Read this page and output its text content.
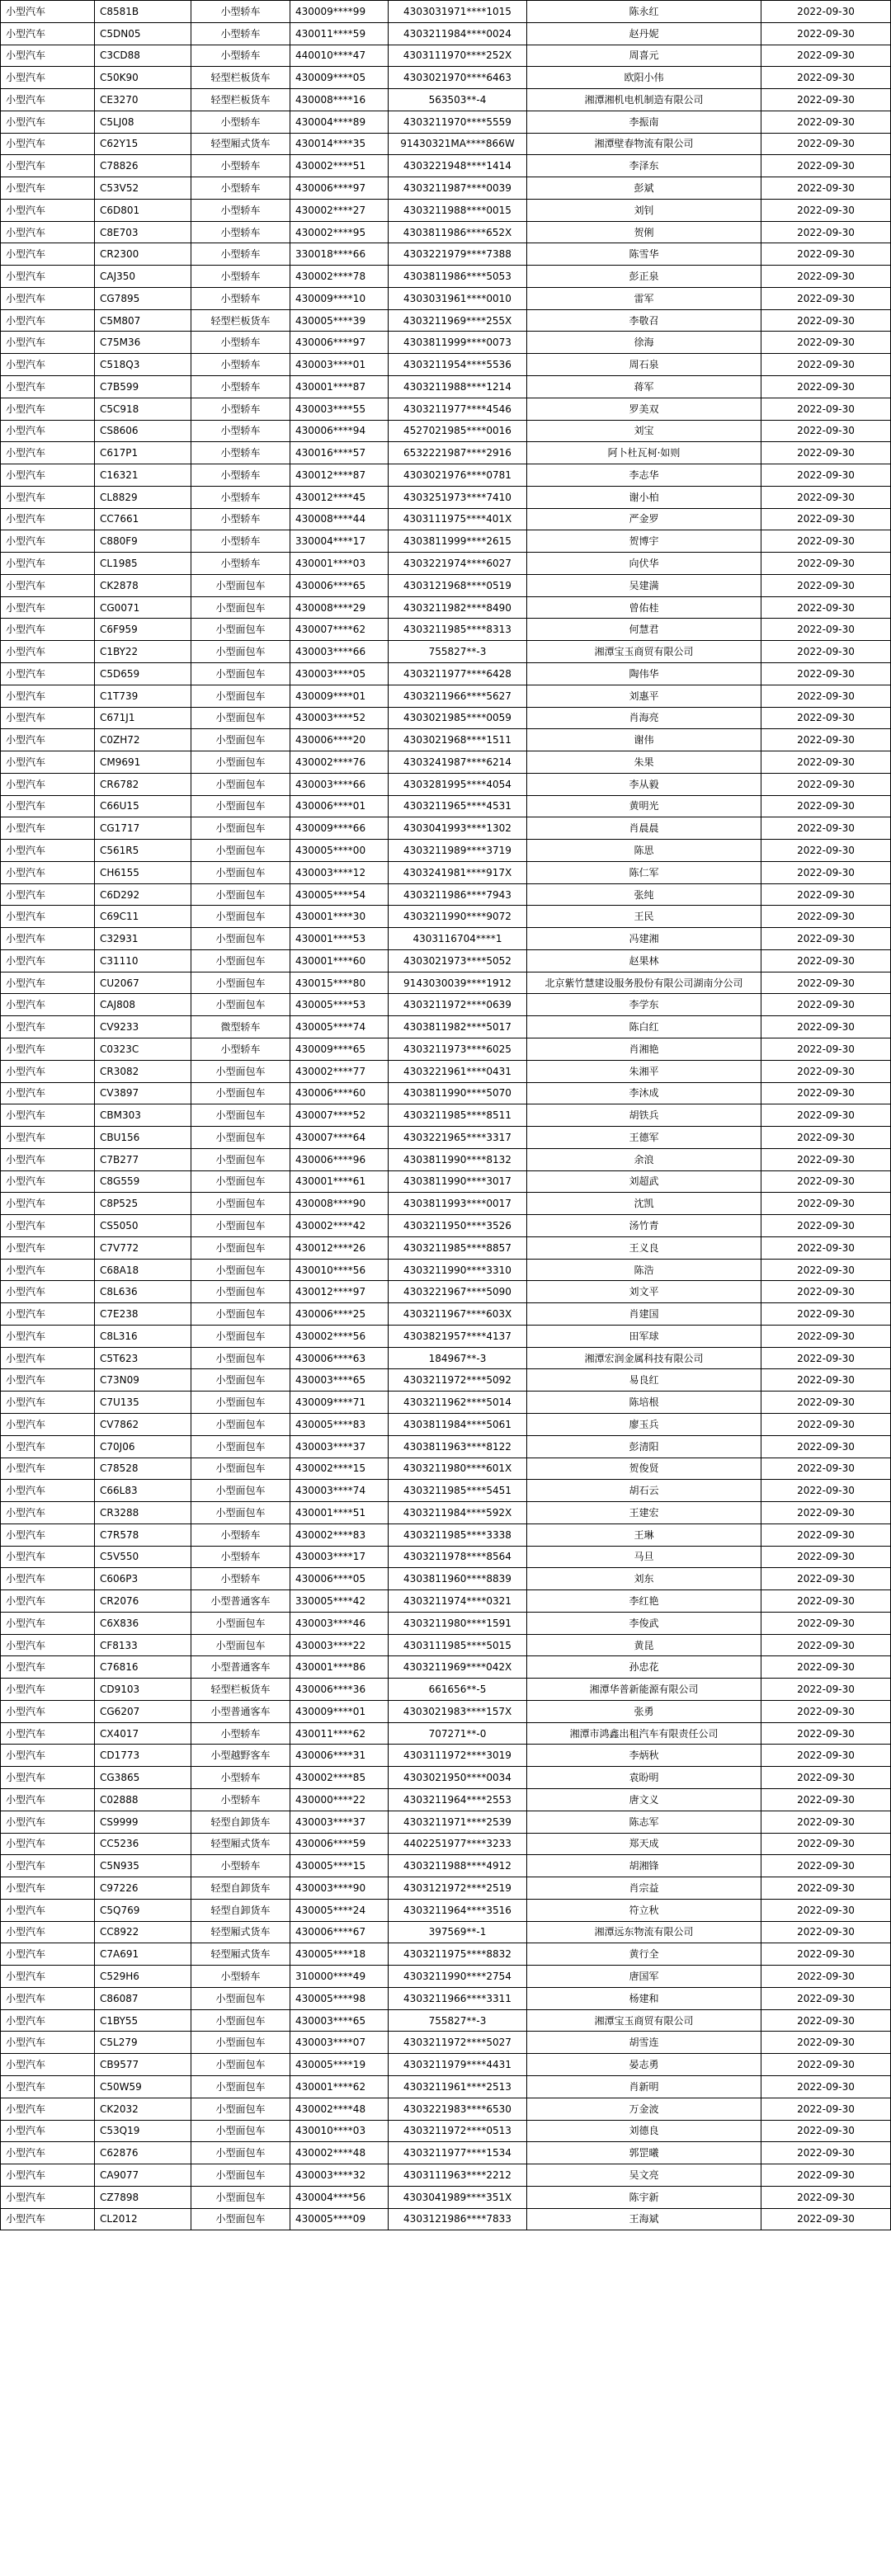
小型汽车	C8581B	小型轿车	430009****99	4303031971****1015	陈永红	2022-09-30
小型汽车	C5DN05	小型轿车	430011****59	4303211984****0024	赵丹妮	2022-09-30
小型汽车	C3CD88	小型轿车	440010****47	4303111970****252X	周喜元	2022-09-30
小型汽车	C50K90	轻型栏板货车	430009****05	4303021970****6463	欧阳小伟	2022-09-30
小型汽车	CE3270	轻型栏板货车	430008****16	563503**-4	湘潭湘机电机制造有限公司	2022-09-30
小型汽车	C5LJ08	小型轿车	430004****89	4303211970****5559	李振南	2022-09-30
小型汽车	C62Y15	轻型厢式货车	430014****35	91430321MA****866W	湘潭壁春物流有限公司	2022-09-30
小型汽车	C78826	小型轿车	430002****51	4303221948****1414	李泽东	2022-09-30
小型汽车	C53V52	小型轿车	430006****97	4303211987****0039	彭斌	2022-09-30
小型汽车	C6D801	小型轿车	430002****27	4303211988****0015	刘钊	2022-09-30
小型汽车	C8E703	小型轿车	430002****95	4303811986****652X	贺俐	2022-09-30
小型汽车	CR2300	小型轿车	330018****66	4303221979****7388	陈雪华	2022-09-30
小型汽车	CAJ350	小型轿车	430002****78	4303811986****5053	彭正泉	2022-09-30
小型汽车	CG7895	小型轿车	430009****10	4303031961****0010	雷军	2022-09-30
小型汽车	C5M807	轻型栏板货车	430005****39	4303211969****255X	李敬召	2022-09-30
小型汽车	C75M36	小型轿车	430006****97	4303811999****0073	徐海	2022-09-30
小型汽车	C518Q3	小型轿车	430003****01	4303211954****5536	周石泉	2022-09-30
小型汽车	C7B599	小型轿车	430001****87	4303211988****1214	蒋军	2022-09-30
小型汽车	C5C918	小型轿车	430003****55	4303211977****4546	罗美双	2022-09-30
小型汽车	CS8606	小型轿车	430006****94	4527021985****0016	刘宝	2022-09-30
小型汽车	C617P1	小型轿车	430016****57	6532221987****2916	阿卜杜瓦柯·如则	2022-09-30
小型汽车	C16321	小型轿车	430012****87	4303021976****0781	李志华	2022-09-30
小型汽车	CL8829	小型轿车	430012****45	4303251973****7410	谢小柏	2022-09-30
小型汽车	CC7661	小型轿车	430008****44	4303111975****401X	严金罗	2022-09-30
小型汽车	C880F9	小型轿车	330004****17	4303811999****2615	贺博宇	2022-09-30
小型汽车	CL1985	小型轿车	430001****03	4303221974****6027	向伏华	2022-09-30
小型汽车	CK2878	小型面包车	430006****65	4303121968****0519	吴建满	2022-09-30
小型汽车	CG0071	小型面包车	430008****29	4303211982****8490	曾佑桂	2022-09-30
小型汽车	C6F959	小型面包车	430007****62	4303211985****8313	何慧君	2022-09-30
小型汽车	C1BY22	小型面包车	430003****66	755827**-3	湘潭宝玉商贸有限公司	2022-09-30
小型汽车	C5D659	小型面包车	430003****05	4303211977****6428	陶伟华	2022-09-30
小型汽车	C1T739	小型面包车	430009****01	4303211966****5627	刘惠平	2022-09-30
小型汽车	C671J1	小型面包车	430003****52	4303021985****0059	肖海亮	2022-09-30
小型汽车	C0ZH72	小型面包车	430006****20	4303021968****1511	谢伟	2022-09-30
小型汽车	CM9691	小型面包车	430002****76	4303241987****6214	朱果	2022-09-30
小型汽车	CR6782	小型面包车	430003****66	4303281995****4054	李从毅	2022-09-30
小型汽车	C66U15	小型面包车	430006****01	4303211965****4531	黄明光	2022-09-30
小型汽车	CG1717	小型面包车	430009****66	4303041993****1302	肖晨晨	2022-09-30
小型汽车	C561R5	小型面包车	430005****00	4303211989****3719	陈思	2022-09-30
小型汽车	CH6155	小型面包车	430003****12	4303241981****917X	陈仁军	2022-09-30
小型汽车	C6D292	小型面包车	430005****54	4303211986****7943	张纯	2022-09-30
小型汽车	C69C11	小型面包车	430001****30	4303211990****9072	王民	2022-09-30
小型汽车	C32931	小型面包车	430001****53	4303116704****1	冯建湘	2022-09-30
小型汽车	C31110	小型面包车	430001****60	4303021973****5052	赵果林	2022-09-30
小型汽车	CU2067	小型面包车	430015****80	9143030039****1912	北京紫竹慧建设服务股份有限公司湖南分公司	2022-09-30
小型汽车	CAJ808	小型面包车	430005****53	4303211972****0639	李学东	2022-09-30
小型汽车	CV9233	微型轿车	430005****74	4303811982****5017	陈白红	2022-09-30
小型汽车	C0323C	小型轿车	430009****65	4303211973****6025	肖湘艳	2022-09-30
小型汽车	CR3082	小型面包车	430002****77	4303221961****0431	朱湘平	2022-09-30
小型汽车	CV3897	小型面包车	430006****60	4303811990****5070	李沐成	2022-09-30
小型汽车	CBM303	小型面包车	430007****52	4303211985****8511	胡铁兵	2022-09-30
小型汽车	CBU156	小型面包车	430007****64	4303221965****3317	王德军	2022-09-30
小型汽车	C7B277	小型面包车	430006****96	4303811990****8132	余浪	2022-09-30
小型汽车	C8G559	小型面包车	430001****61	4303811990****3017	刘超武	2022-09-30
小型汽车	C8P525	小型面包车	430008****90	4303811993****0017	沈凯	2022-09-30
小型汽车	CS5050	小型面包车	430002****42	4303211950****3526	汤竹青	2022-09-30
小型汽车	C7V772	小型面包车	430012****26	4303211985****8857	王义良	2022-09-30
小型汽车	C68A18	小型面包车	430010****56	4303211990****3310	陈浩	2022-09-30
小型汽车	C8L636	小型面包车	430012****97	4303221967****5090	刘文平	2022-09-30
小型汽车	C7E238	小型面包车	430006****25	4303211967****603X	肖建国	2022-09-30
小型汽车	C8L316	小型面包车	430002****56	4303821957****4137	田军球	2022-09-30
小型汽车	C5T623	小型面包车	430006****63	184967**-3	湘潭宏润金属科技有限公司	2022-09-30
小型汽车	C73N09	小型面包车	430003****65	4303211972****5092	易良红	2022-09-30
小型汽车	C7U135	小型面包车	430009****71	4303211962****5014	陈培根	2022-09-30
小型汽车	CV7862	小型面包车	430005****83	4303811984****5061	廖玉兵	2022-09-30
小型汽车	C70J06	小型面包车	430003****37	4303811963****8122	彭清阳	2022-09-30
小型汽车	C78528	小型面包车	430002****15	4303211980****601X	贺俊贤	2022-09-30
小型汽车	C66L83	小型面包车	430003****74	4303211985****5451	胡石云	2022-09-30
小型汽车	CR3288	小型面包车	430001****51	4303211984****592X	王建宏	2022-09-30
小型汽车	C7R578	小型轿车	430002****83	4303211985****3338	王琳	2022-09-30
小型汽车	C5V550	小型轿车	430003****17	4303211978****8564	马旦	2022-09-30
小型汽车	C606P3	小型轿车	430006****05	4303811960****8839	刘东	2022-09-30
小型汽车	CR2076	小型普通客车	330005****42	4303211974****0321	李红艳	2022-09-30
小型汽车	C6X836	小型面包车	430003****46	4303211980****1591	李俊武	2022-09-30
小型汽车	CF8133	小型面包车	430003****22	4303111985****5015	黄昆	2022-09-30
小型汽车	C76816	小型普通客车	430001****86	4303211969****042X	孙忠花	2022-09-30
小型汽车	CD9103	轻型栏板货车	430006****36	661656**-5	湘潭华普新能源有限公司	2022-09-30
小型汽车	CG6207	小型普通客车	430009****01	4303021983****157X	张勇	2022-09-30
小型汽车	CX4017	小型轿车	430011****62	707271**-0	湘潭市鸿鑫出租汽车有限责任公司	2022-09-30
小型汽车	CD1773	小型越野客车	430006****31	4303111972****3019	李炳秋	2022-09-30
小型汽车	CG3865	小型轿车	430002****85	4303021950****0034	袁盼明	2022-09-30
小型汽车	C02888	小型轿车	430000****22	4303211964****2553	唐文义	2022-09-30
小型汽车	CS9999	轻型自卸货车	430003****37	4303211971****2539	陈志军	2022-09-30
小型汽车	CC5236	轻型厢式货车	430006****59	4402251977****3233	郑天成	2022-09-30
小型汽车	C5N935	小型轿车	430005****15	4303211988****4912	胡湘锋	2022-09-30
小型汽车	C97226	轻型自卸货车	430003****90	4303121972****2519	肖宗益	2022-09-30
小型汽车	C5Q769	轻型自卸货车	430005****24	4303211964****3516	符立秋	2022-09-30
小型汽车	CC8922	轻型厢式货车	430006****67	397569**-1	湘潭远东物流有限公司	2022-09-30
小型汽车	C7A691	轻型厢式货车	430005****18	4303211975****8832	黄行全	2022-09-30
小型汽车	C529H6	小型轿车	310000****49	4303211990****2754	唐国军	2022-09-30
小型汽车	C86087	小型面包车	430005****98	4303211966****3311	杨建和	2022-09-30
小型汽车	C1BY55	小型面包车	430003****65	755827**-3	湘潭宝玉商贸有限公司	2022-09-30
小型汽车	C5L279	小型面包车	430003****07	4303211972****5027	胡雪连	2022-09-30
小型汽车	CB9577	小型面包车	430005****19	4303211979****4431	晏志勇	2022-09-30
小型汽车	C50W59	小型面包车	430001****62	4303211961****2513	肖新明	2022-09-30
小型汽车	CK2032	小型面包车	430002****48	4303221983****6530	万金波	2022-09-30
小型汽车	C53Q19	小型面包车	430010****03	4303211972****0513	刘德良	2022-09-30
小型汽车	C62876	小型面包车	430002****48	4303211977****1534	郭罡曦	2022-09-30
小型汽车	CA9077	小型面包车	430003****32	4303111963****2212	吴文亮	2022-09-30
小型汽车	CZ7898	小型面包车	430004****56	4303041989****351X	陈宇新	2022-09-30
小型汽车	CL2012	小型面包车	430005****09	4303121986****7833	王海斌	2022-09-30
